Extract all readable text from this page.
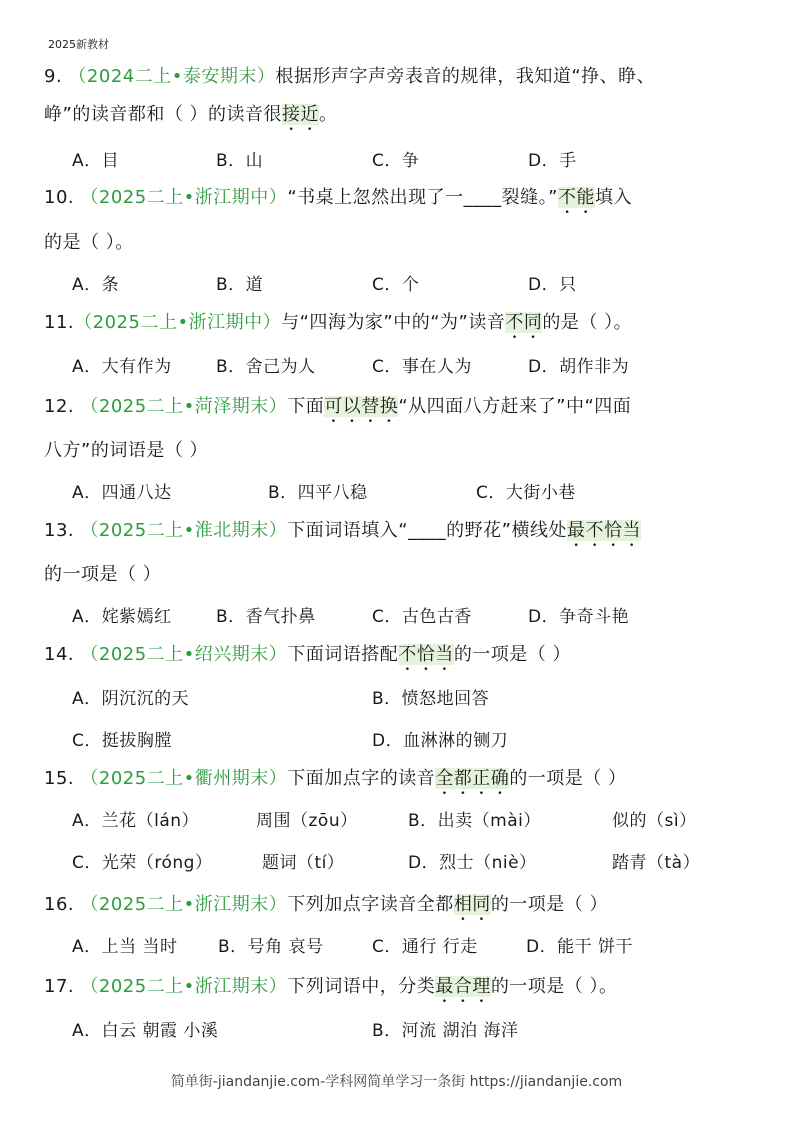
2025新教材
9. （2024二上•泰安期末）根据形声字声旁表音的规律，我知道“挣、睁、
峥”的读音都和（ ）的读音很接近。
A．目	B．山	C．争	D．手
10. （2025二上•浙江期中）“书桌上忽然出现了一____裂缝。”不能填入
的是（ ）。
A．条	B．道	C．个	D．只
11.（2025二上•浙江期中）与“四海为家”中的“为”读音不同的是（ ）。
A．大有作为	B．舍己为人	C．事在人为	D．胡作非为
12. （2025二上•菏泽期末）下面可以替换“从四面八方赶来了”中“四面
八方”的词语是（ ）
A．四通八达	B．四平八稳	C．大街小巷
13. （2025二上•淮北期末）下面词语填入“____的野花”横线处最不恰当
的一项是（ ）
A．姹紫嫣红	B．香气扑鼻	C．古色古香	D．争奇斗艳
14. （2025二上•绍兴期末）下面词语搭配不恰当的一项是（ ）
A．阴沉沉的天	B．愤怒地回答
C．挺拔胸膛	D．血淋淋的铡刀
15. （2025二上•衢州期末）下面加点字的读音全都正确的一项是（ ）
A．兰花（lán）	周围（zōu）	B．出卖（mài）	似的（sì）
C．光荣（róng）	题词（tí）	D．烈士（niè）	踏青（tà）
16. （2025二上•浙江期末）下列加点字读音全都相同的一项是（ ）
A．上当 当时 B．号角 哀号	C．通行 行走	D．能干 饼干
17. （2025二上•浙江期末）下列词语中，分类最合理的一项是（ ）。
A．白云 朝霞 小溪	B．河流 湖泊 海洋
简单街-jiandanjie.com-学科网简单学习一条街 https://jiandanjie.com
